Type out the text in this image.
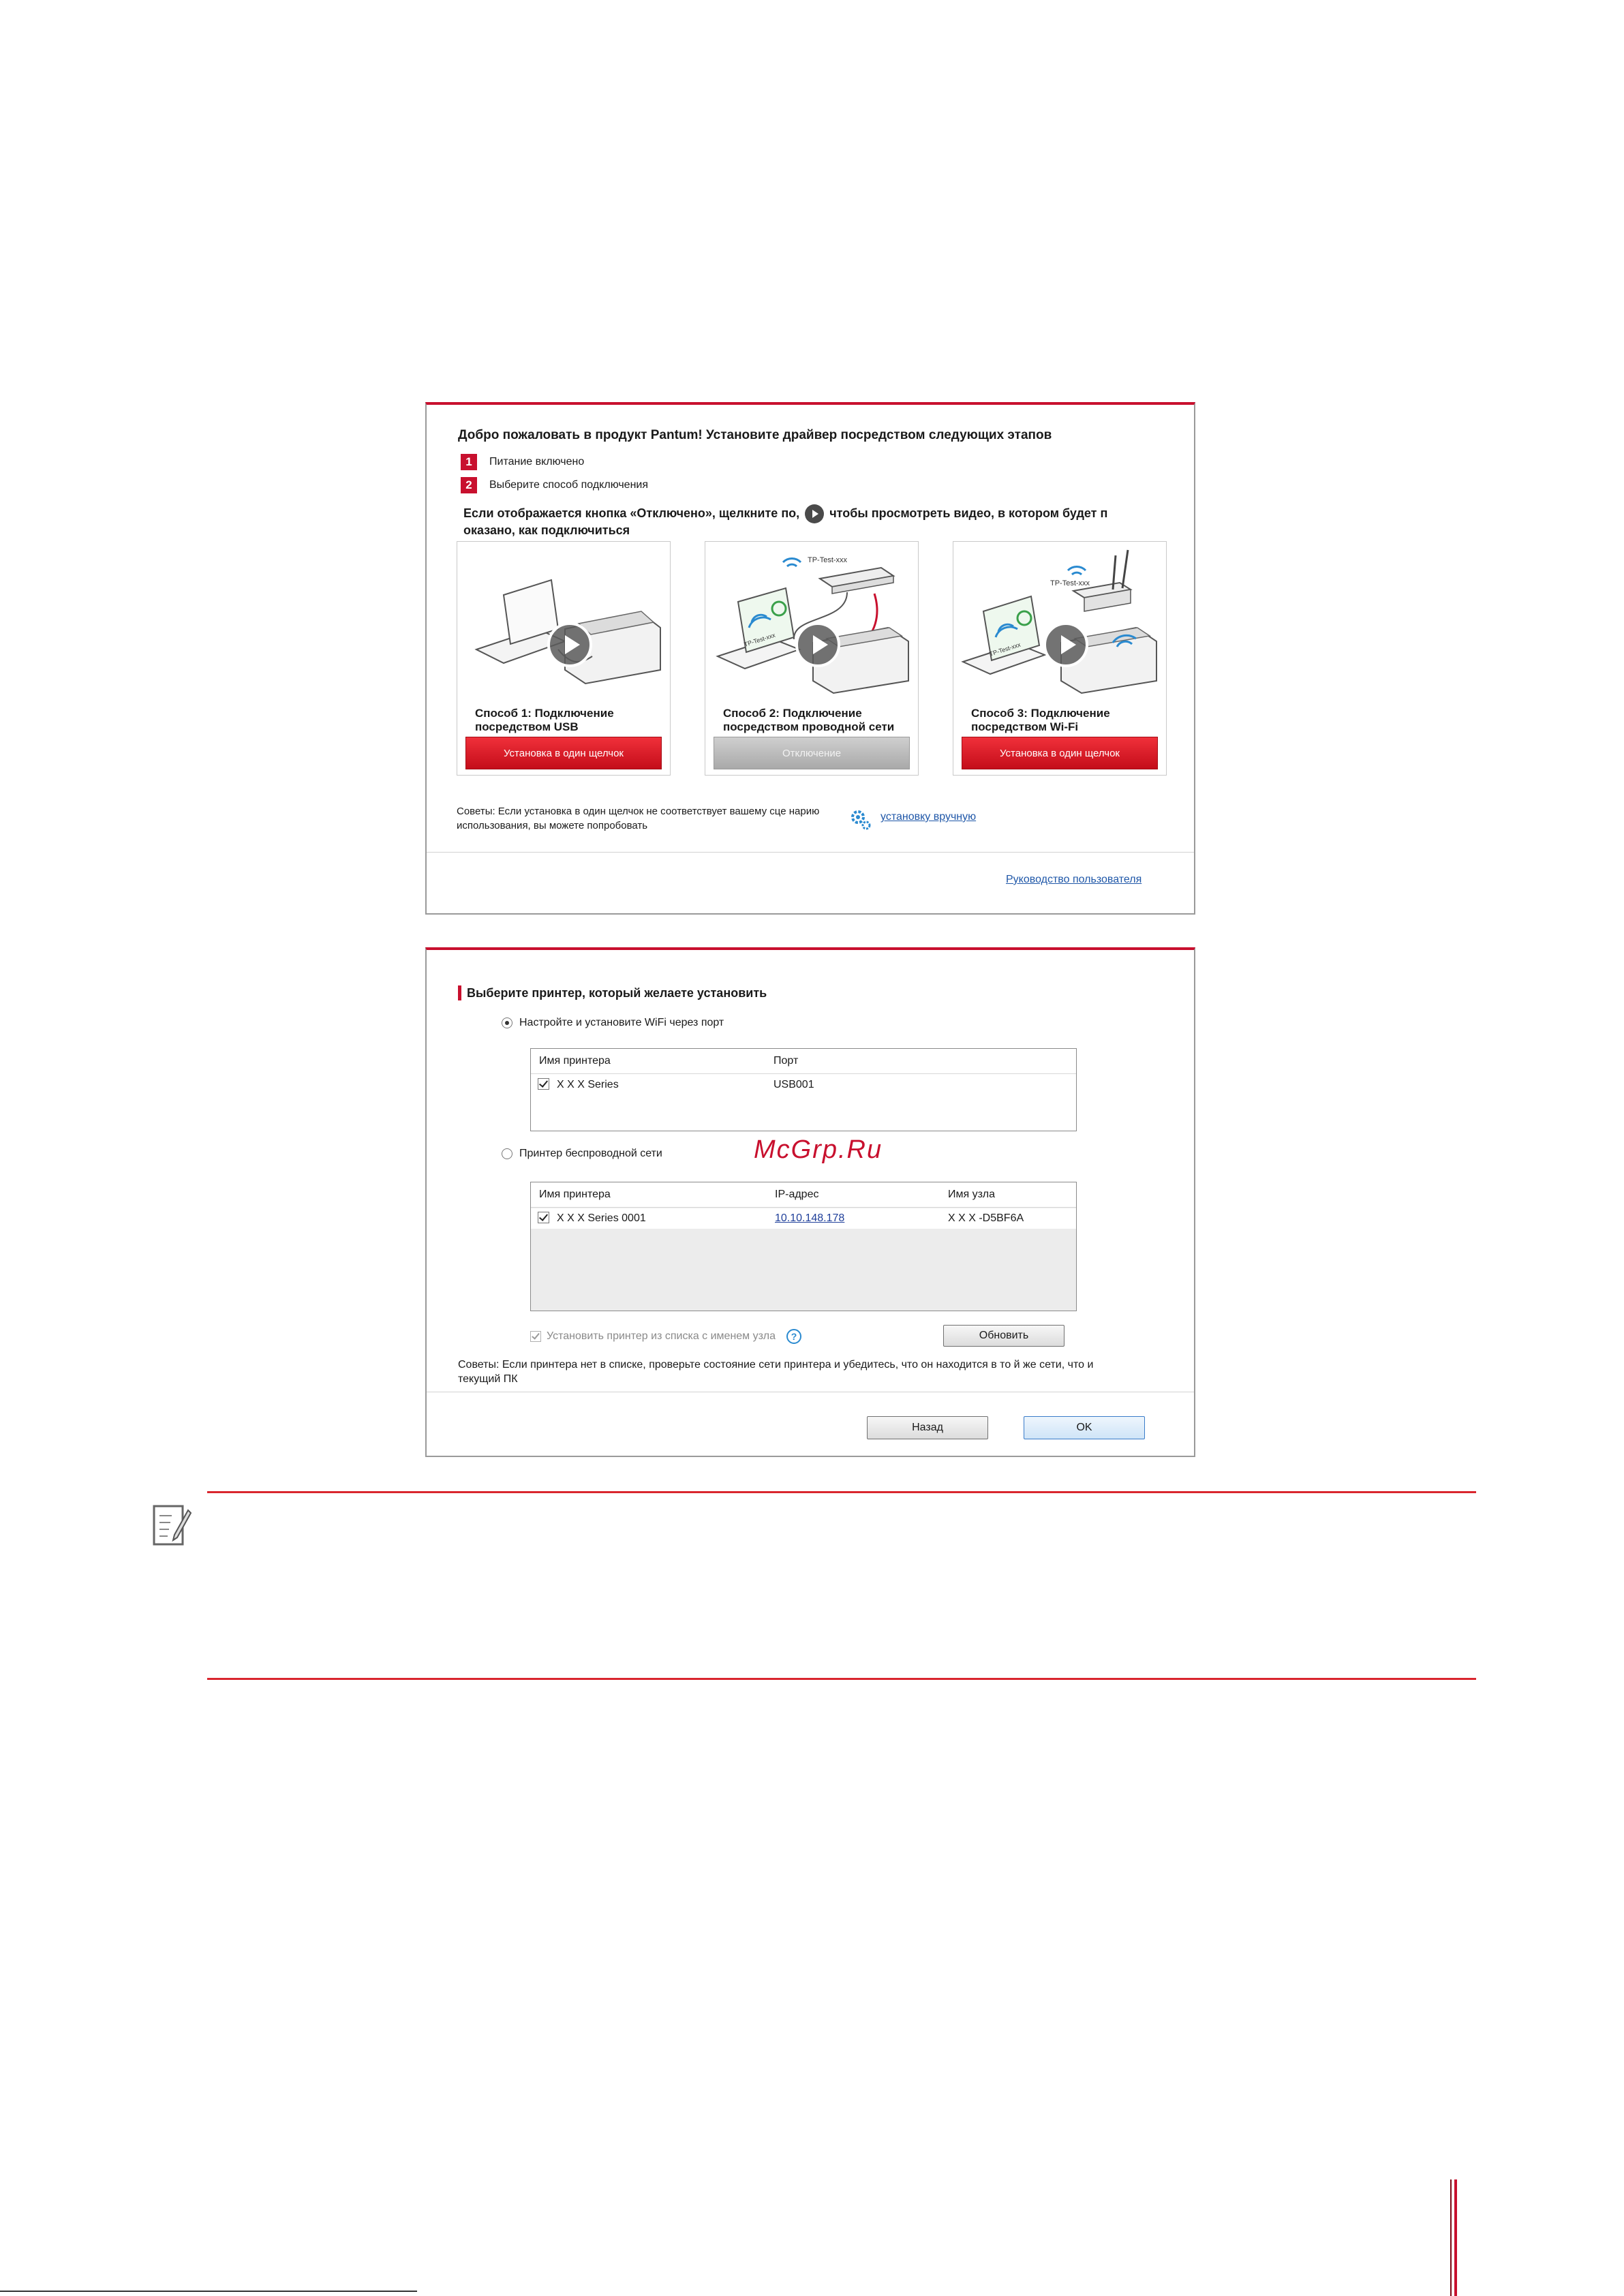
Добро пожаловать в продукт Pantum! Установите драйвер посредством следующих этапов
1	Питание включено
2	Выберите способ подключения
Если отображается кнопка «Отключено», щелкните по, чтобы просмотреть видео, в котором будет п оказано, как подключиться
Способ 1: Подключение посредством USB
Установка в один щелчок
TP-Test-xxx
TP-Test-xxx
Способ 2: Подключение посредством проводной сети
Отключение
TP-Test-xxx
TP-Test-xxx
Способ 3: Подключение посредством Wi-Fi
Установка в один щелчок
Советы: Если установка в один щелчок не соответствует вашему сце нарию использования, вы можете попробовать
установку вручную
Руководство пользователя
Выберите принтер, который желаете установить
Настройте и установите WiFi через порт
Имя принтера	Порт
X X X Series	USB001
McGrp.Ru
Принтер беспроводной сети
Имя принтера	IP-адрес	Имя узла
X X X Series 0001	10.10.148.178	X X X -D5BF6A
Установить принтер из списка с именем узла	?	Обновить
Советы: Если принтера нет в списке, проверьте состояние сети принтера и убедитесь, что он находится в то й же сети, что и текущий ПК
Назад	OK
